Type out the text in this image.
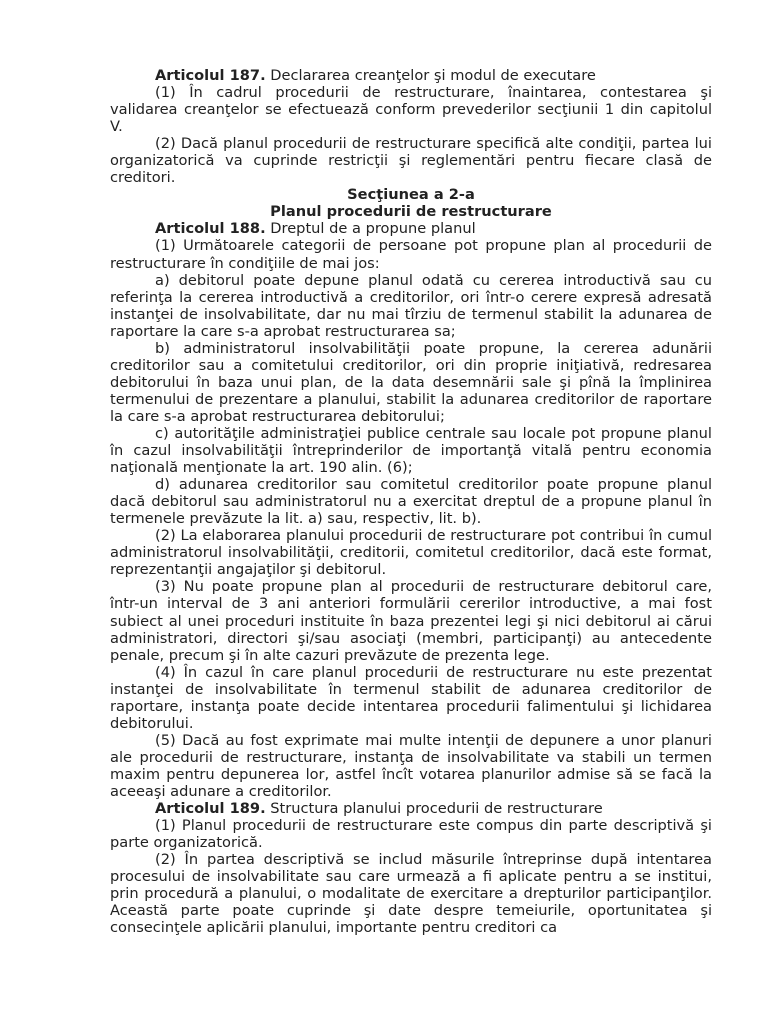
Articolul 187. Declararea creanţelor şi modul de executare

(1) În cadrul procedurii de restructurare, înaintarea, contestarea şi validarea creanţelor se efectuează conform prevederilor secţiunii 1 din capitolul V.

(2) Dacă planul procedurii de restructurare specifică alte condiţii, partea lui organizatorică va cuprinde restricţii şi reglementări pentru fiecare clasă de creditori.

Secţiunea a 2-a

Planul procedurii de restructurare

Articolul 188. Dreptul de a propune planul

(1) Următoarele categorii de persoane pot propune plan al procedurii de restructurare în condiţiile de mai jos:

a) debitorul poate depune planul odată cu cererea introductivă sau cu referinţa la cererea introductivă a creditorilor, ori într-o cerere expresă adresată instanţei de insolvabilitate, dar nu mai tîrziu de termenul stabilit la adunarea de raportare la care s-a aprobat restructurarea sa;

b) administratorul insolvabilităţii poate propune, la cererea adunării creditorilor sau a comitetului creditorilor, ori din proprie iniţiativă, redresarea debitorului în baza unui plan, de la data desemnării sale şi pînă la împlinirea termenului de prezentare a planului, stabilit la adunarea creditorilor de raportare la care s-a aprobat restructurarea debitorului;

c) autorităţile administraţiei publice centrale sau locale pot propune planul în cazul insolvabilităţii întreprinderilor de importanţă vitală pentru economia naţională menţionate la art. 190 alin. (6);

d) adunarea creditorilor sau comitetul creditorilor poate propune planul dacă debitorul sau administratorul nu a exercitat dreptul de a propune planul în termenele prevăzute la lit. a) sau, respectiv, lit. b).

(2) La elaborarea planului procedurii de restructurare pot contribui în cumul administratorul insolvabilităţii, creditorii, comitetul creditorilor, dacă este format, reprezentanţii angajaţilor şi debitorul.

(3) Nu poate propune plan al procedurii de restructurare debitorul care, într-un interval de 3 ani anteriori formulării cererilor introductive, a mai fost subiect al unei proceduri instituite în baza prezentei legi şi nici debitorul ai cărui administratori, directori şi/sau asociaţi (membri, participanţi) au antecedente penale, precum şi în alte cazuri prevăzute de prezenta lege.

(4) În cazul în care planul procedurii de restructurare nu este prezentat instanţei de insolvabilitate în termenul stabilit de adunarea creditorilor de raportare, instanţa poate decide intentarea procedurii falimentului şi lichidarea debitorului.

(5) Dacă au fost exprimate mai multe intenţii de depunere a unor planuri ale procedurii de restructurare, instanţa de insolvabilitate va stabili un termen maxim pentru depunerea lor, astfel încît votarea planurilor admise să se facă la aceeaşi adunare a creditorilor.

Articolul 189. Structura planului procedurii de restructurare

(1) Planul procedurii de restructurare este compus din parte descriptivă şi parte organizatorică.

(2) În partea descriptivă se includ măsurile întreprinse după intentarea procesului de insolvabilitate sau care urmează a fi aplicate pentru a se institui, prin procedură a planului, o modalitate de exercitare a drepturilor participanţilor. Această parte poate cuprinde şi date despre temeiurile, oportunitatea şi consecinţele aplicării planului, importante pentru creditori ca
